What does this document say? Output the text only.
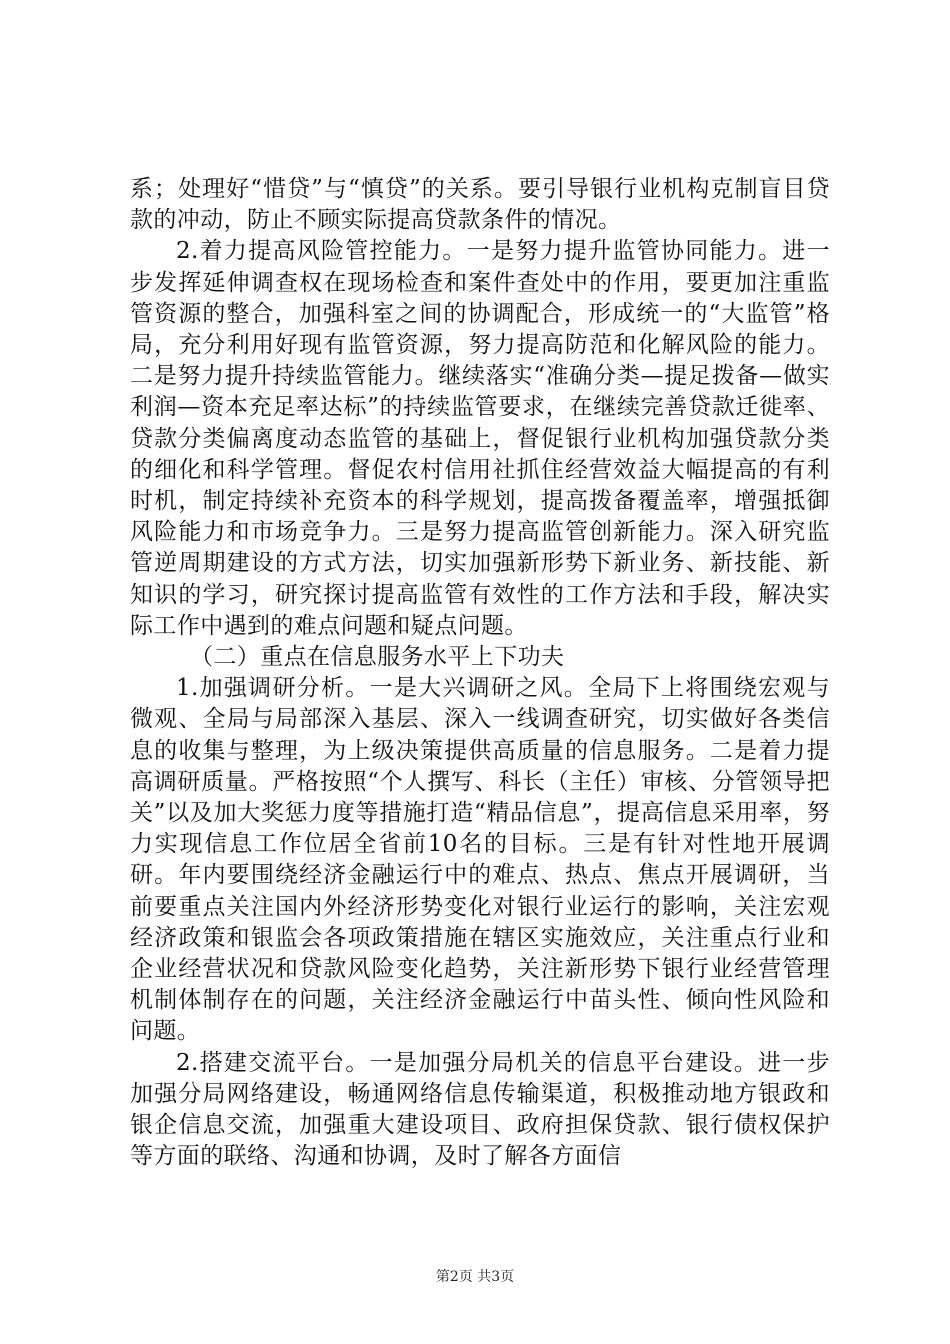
系；处理好“惜贷”与“慎贷”的关系。要引导银行业机构克制盲目贷款的冲动，防止不顾实际提高贷款条件的情况。

2.着力提高风险管控能力。一是努力提升监管协同能力。进一步发挥延伸调查权在现场检查和案件查处中的作用，要更加注重监管资源的整合，加强科室之间的协调配合，形成统一的“大监管”格局，充分利用好现有监管资源，努力提高防范和化解风险的能力。二是努力提升持续监管能力。继续落实“准确分类—提足拨备—做实利润—资本充足率达标”的持续监管要求，在继续完善贷款迁徙率、贷款分类偏离度动态监管的基础上，督促银行业机构加强贷款分类的细化和科学管理。督促农村信用社抓住经营效益大幅提高的有利时机，制定持续补充资本的科学规划，提高拨备覆盖率，增强抵御风险能力和市场竞争力。三是努力提高监管创新能力。深入研究监管逆周期建设的方式方法，切实加强新形势下新业务、新技能、新知识的学习，研究探讨提高监管有效性的工作方法和手段，解决实际工作中遇到的难点问题和疑点问题。

（二）重点在信息服务水平上下功夫

1.加强调研分析。一是大兴调研之风。全局下上将围绕宏观与微观、全局与局部深入基层、深入一线调查研究，切实做好各类信息的收集与整理，为上级决策提供高质量的信息服务。二是着力提高调研质量。严格按照“个人撰写、科长（主任）审核、分管领导把关”以及加大奖惩力度等措施打造“精品信息”，提高信息采用率，努力实现信息工作位居全省前10名的目标。三是有针对性地开展调研。年内要围绕经济金融运行中的难点、热点、焦点开展调研，当前要重点关注国内外经济形势变化对银行业运行的影响，关注宏观经济政策和银监会各项政策措施在辖区实施效应，关注重点行业和企业经营状况和贷款风险变化趋势，关注新形势下银行业经营管理机制体制存在的问题，关注经济金融运行中苗头性、倾向性风险和问题。

2.搭建交流平台。一是加强分局机关的信息平台建设。进一步加强分局网络建设，畅通网络信息传输渠道，积极推动地方银政和银企信息交流，加强重大建设项目、政府担保贷款、银行债权保护等方面的联络、沟通和协调，及时了解各方面信

第2页 共3页
